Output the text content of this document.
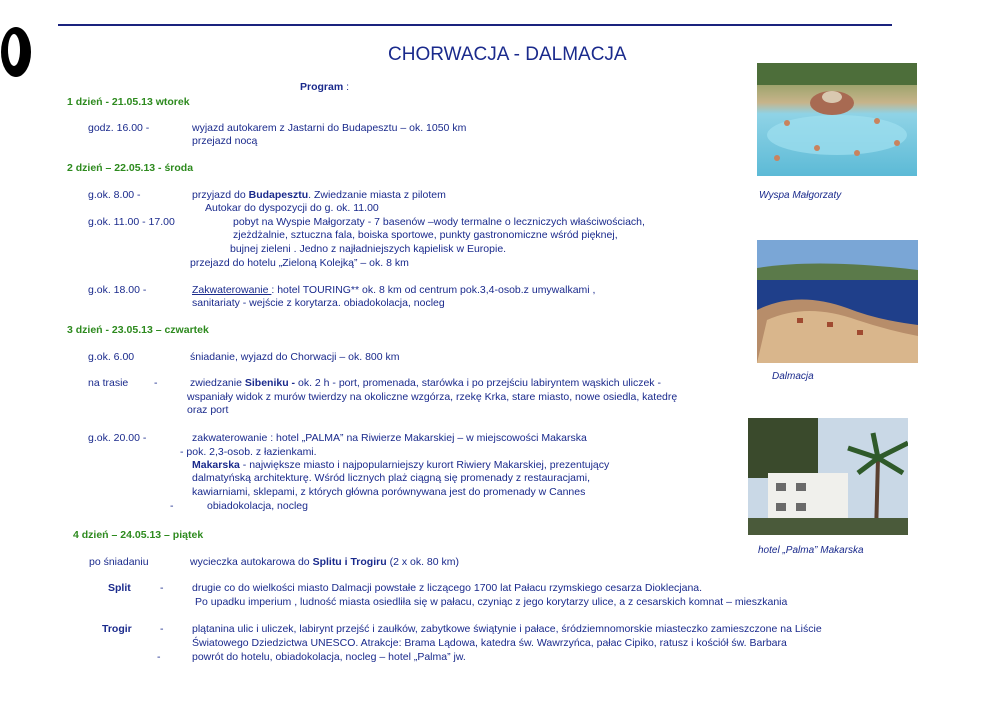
CHORWACJA - DALMACJA
Program :
1 dzień - 21.05.13 wtorek
godz. 16.00 -	wyjazd autokarem z Jastarni do Budapesztu – ok. 1050 km
przejazd nocą
2 dzień – 22.05.13 - środa
g.ok. 8.00 -	przyjazd do Budapesztu. Zwiedzanie miasta z pilotem
Autokar do dyspozycji do g. ok. 11.00
g.ok. 11.00 - 17.00	pobyt na Wyspie Małgorzaty - 7 basenów –wody termalne o leczniczych właściwościach,
zjeżdżalnie, sztuczna fala, boiska sportowe, punkty gastronomiczne wśród pięknej,
bujnej zieleni . Jedno z najładniejszych kąpielisk w Europie.
przejazd do hotelu „Zieloną Kolejką” – ok. 8 km
g.ok. 18.00 -	Zakwaterowanie : hotel TOURING** ok. 8 km od centrum pok.3,4-osob.z umywalkami ,
sanitariaty - wejście z korytarza. obiadokolacja, nocleg
3 dzień - 23.05.13 – czwartek
g.ok. 6.00	śniadanie, wyjazd do Chorwacji – ok. 800 km
na trasie -	zwiedzanie Sibeniku - ok. 2 h - port, promenada, starówka i po przejściu labiryntem wąskich uliczek -
wspaniały widok z murów twierdzy na okoliczne wzgórza, rzekę Krka, stare miasto, nowe osiedla, katedrę
oraz port
g.ok. 20.00 -	zakwaterowanie : hotel „PALMA” na Riwierze Makarskiej – w miejscowości Makarska
- pok. 2,3-osob. z łazienkami.
Makarska - największe miasto i najpopularniejszy kurort Riwiery Makarskiej, prezentujący
dalmatyńską architekturę. Wśród licznych plaż ciągną się promenady z restauracjami,
kawiarniami, sklepami, z których główna porównywana jest do promenady w Cannes
-	obiadokolacja, nocleg
4 dzień – 24.05.13 – piątek
po śniadaniu	wycieczka autokarowa do Splitu i Trogiru (2 x ok. 80 km)
Split	-	drugie co do wielkości miasto Dalmacji powstałe z liczącego 1700 lat Pałacu rzymskiego cesarza Dioklecjana.
Po upadku imperium , ludność miasta osiedliła się w pałacu, czyniąc z jego korytarzy ulice, a z cesarskich komnat – mieszkania
Trogir	-	plątanina ulic i uliczek, labirynt przejść i zaułków, zabytkowe świątynie i pałace, śródziemnomorskie miasteczko zamieszczone na Liście
Światowego Dziedzictwa UNESCO. Atrakcje: Brama Lądowa, katedra św. Wawrzyńca, pałac Cipiko, ratusz i kościół św. Barbara
-	powrót do hotelu, obiadokolacja, nocleg – hotel „Palma” jw.
Wyspa Małgorzaty
Dalmacja
hotel „Palma” Makarska
